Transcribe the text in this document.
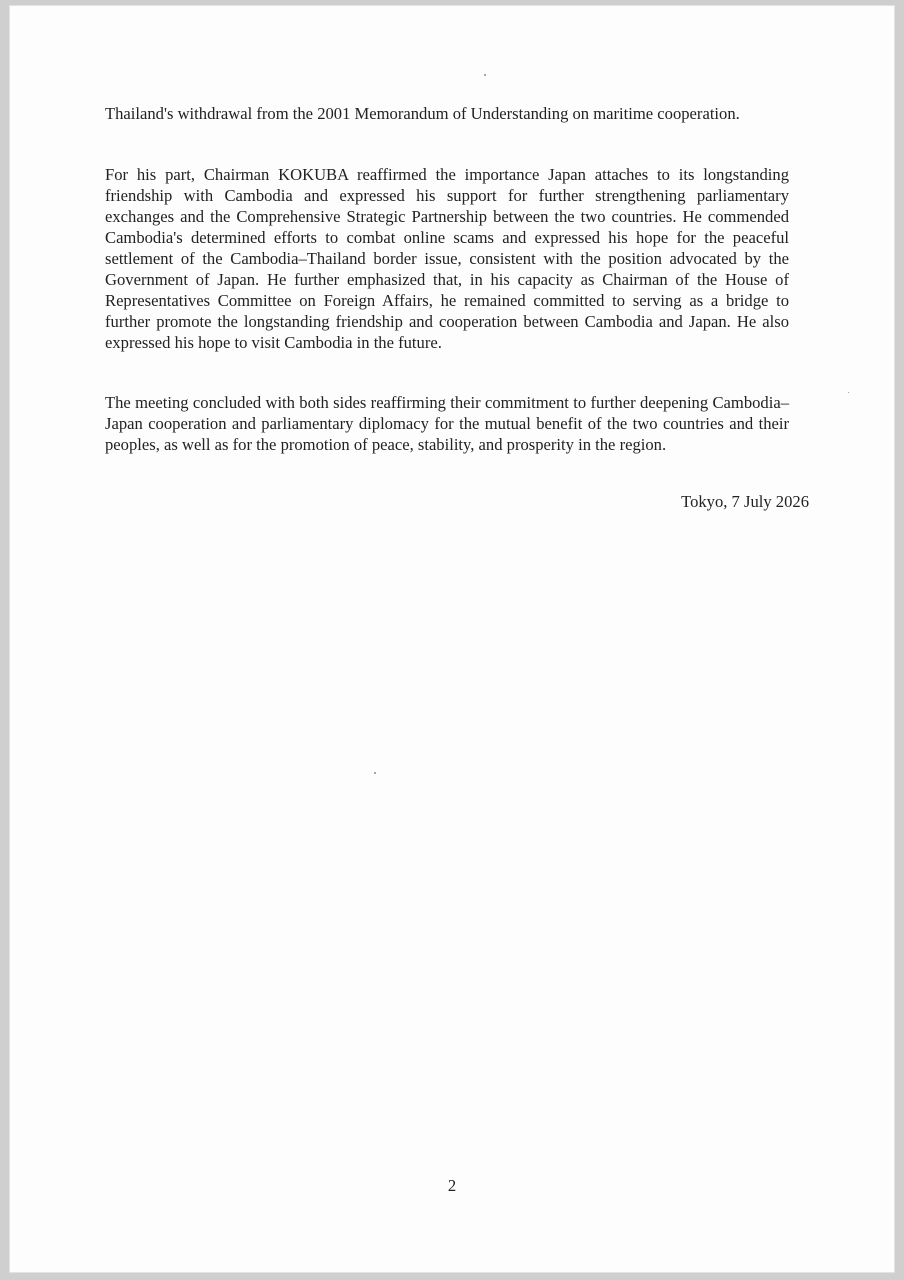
Thailand's withdrawal from the 2001 Memorandum of Understanding on maritime cooperation.

For his part, Chairman KOKUBA reaffirmed the importance Japan attaches to its longstanding friendship with Cambodia and expressed his support for further strengthening parliamentary exchanges and the Comprehensive Strategic Partnership between the two countries. He commended Cambodia's determined efforts to combat online scams and expressed his hope for the peaceful settlement of the Cambodia–Thailand border issue, consistent with the position advocated by the Government of Japan. He further emphasized that, in his capacity as Chairman of the House of Representatives Committee on Foreign Affairs, he remained committed to serving as a bridge to further promote the longstanding friendship and cooperation between Cambodia and Japan. He also expressed his hope to visit Cambodia in the future.

The meeting concluded with both sides reaffirming their commitment to further deepening Cambodia–Japan cooperation and parliamentary diplomacy for the mutual benefit of the two countries and their peoples, as well as for the promotion of peace, stability, and prosperity in the region.

Tokyo, 7 July 2026
2
